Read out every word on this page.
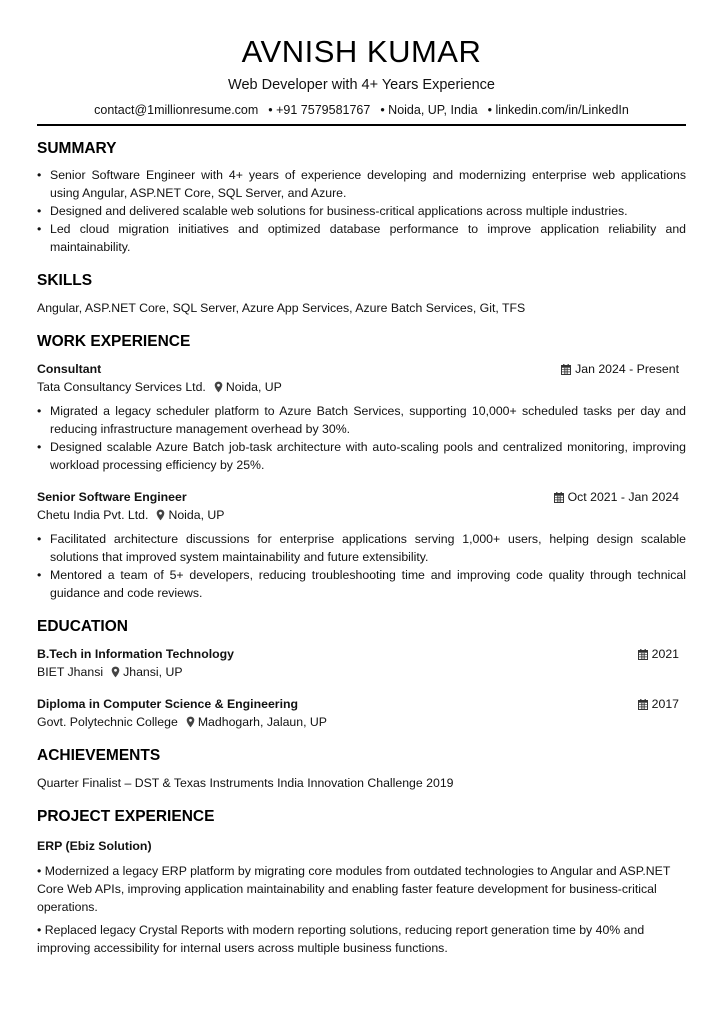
AVNISH KUMAR
Web Developer with 4+ Years Experience
contact@1millionresume.com • +91 7579581767 • Noida, UP, India • linkedin.com/in/LinkedIn
SUMMARY
• Senior Software Engineer with 4+ years of experience developing and modernizing enterprise web applications using Angular, ASP.NET Core, SQL Server, and Azure.
• Designed and delivered scalable web solutions for business-critical applications across multiple industries.
• Led cloud migration initiatives and optimized database performance to improve application reliability and maintainability.
SKILLS
Angular, ASP.NET Core, SQL Server, Azure App Services, Azure Batch Services, Git, TFS
WORK EXPERIENCE
Consultant	Jan 2024 - Present
Tata Consultancy Services Ltd. Noida, UP
• Migrated a legacy scheduler platform to Azure Batch Services, supporting 10,000+ scheduled tasks per day and reducing infrastructure management overhead by 30%.
• Designed scalable Azure Batch job-task architecture with auto-scaling pools and centralized monitoring, improving workload processing efficiency by 25%.
Senior Software Engineer	Oct 2021 - Jan 2024
Chetu India Pvt. Ltd. Noida, UP
• Facilitated architecture discussions for enterprise applications serving 1,000+ users, helping design scalable solutions that improved system maintainability and future extensibility.
• Mentored a team of 5+ developers, reducing troubleshooting time and improving code quality through technical guidance and code reviews.
EDUCATION
B.Tech in Information Technology	2021
BIET Jhansi Jhansi, UP
Diploma in Computer Science & Engineering	2017
Govt. Polytechnic College Madhogarh, Jalaun, UP
ACHIEVEMENTS
Quarter Finalist – DST & Texas Instruments India Innovation Challenge 2019
PROJECT EXPERIENCE
ERP (Ebiz Solution)

• Modernized a legacy ERP platform by migrating core modules from outdated technologies to Angular and ASP.NET Core Web APIs, improving application maintainability and enabling faster feature development for business-critical operations.

• Replaced legacy Crystal Reports with modern reporting solutions, reducing report generation time by 40% and improving accessibility for internal users across multiple business functions.
